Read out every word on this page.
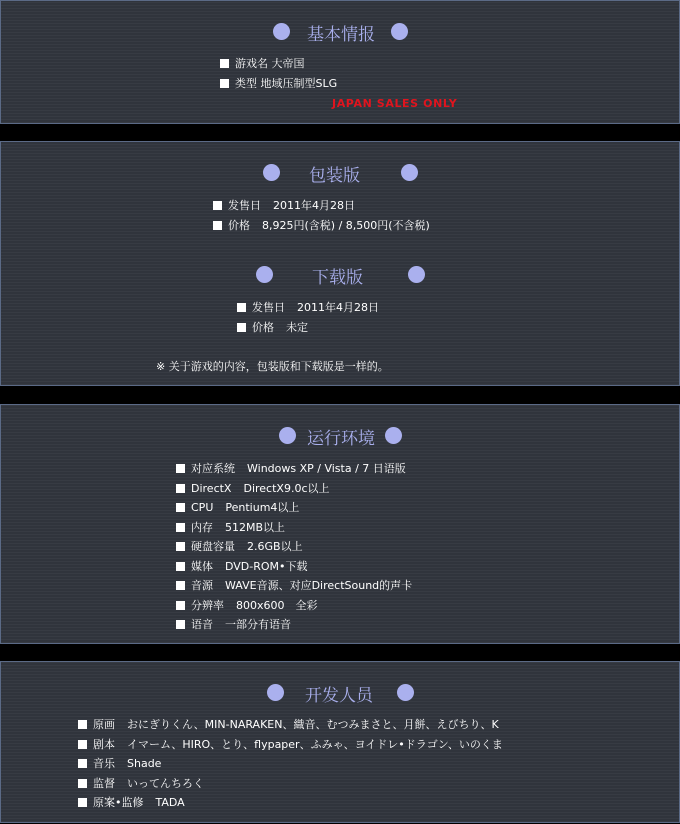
基本情报
游戏名 大帝国
类型 地域压制型SLG
JAPAN SALES ONLY
包装版
发售日 2011年4月28日
价格 8,925円(含税) / 8,500円(不含税)
下载版
发售日 2011年4月28日
价格 未定
※ 关于游戏的内容，包装版和下载版是一样的。
运行环境
对应系统 Windows XP / Vista / 7 日语版
DirectX DirectX9.0c以上
CPU Pentium4以上
内存 512MB以上
硬盘容量 2.6GB以上
媒体 DVD-ROM•下载
音源 WAVE音源、对应DirectSound的声卡
分辨率 800x600　全彩
语音 一部分有语音
开发人员
原画 おにぎりくん、MIN-NARAKEN、織音、むつみまさと、月餅、えびちり、K
剧本 イマーム、HIRO、とり、flypaper、ふみゃ、ヨイドレ•ドラゴン、いのくま
音乐 Shade
监督 いってんちろく
原案•监修 TADA
